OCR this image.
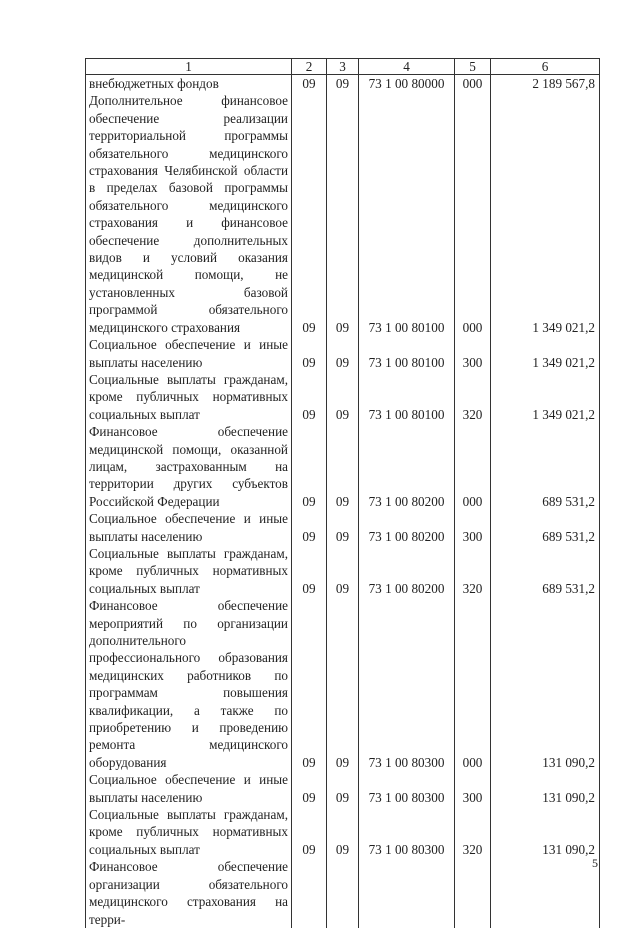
1	2	3	4	5	6
внебюджетных фондов	09	09	73 1 00 80000	000	2 189 567,8
Дополнительное финансовое обеспечение реализации территориальной программы обязательного медицинского страхования Челябинской области в пределах базовой программы обязательного медицинского страхования и финансовое обеспечение дополнительных видов и условий оказания медицинской помощи, не установленных базовой программой обязательного медицинского страхования	09	09	73 1 00 80100	000	1 349 021,2
Социальное обеспечение и иные выплаты населению	09	09	73 1 00 80100	300	1 349 021,2
Социальные выплаты гражданам, кроме публичных нормативных социальных выплат	09	09	73 1 00 80100	320	1 349 021,2
Финансовое обеспечение медицинской помощи, оказанной лицам, застрахованным на территории других субъектов Российской Федерации	09	09	73 1 00 80200	000	689 531,2
Социальное обеспечение и иные выплаты населению	09	09	73 1 00 80200	300	689 531,2
Социальные выплаты гражданам, кроме публичных нормативных социальных выплат	09	09	73 1 00 80200	320	689 531,2
Финансовое обеспечение мероприятий по организации дополнительного профессионального образования медицинских работников по программам повышения квалификации, а также по приобретению и проведению ремонта медицинского оборудования	09	09	73 1 00 80300	000	131 090,2
Социальное обеспечение и иные выплаты населению	09	09	73 1 00 80300	300	131 090,2
Социальные выплаты гражданам, кроме публичных нормативных социальных выплат	09	09	73 1 00 80300	320	131 090,2
Финансовое обеспечение организации обязательного медицинского страхования на терри-					
5
